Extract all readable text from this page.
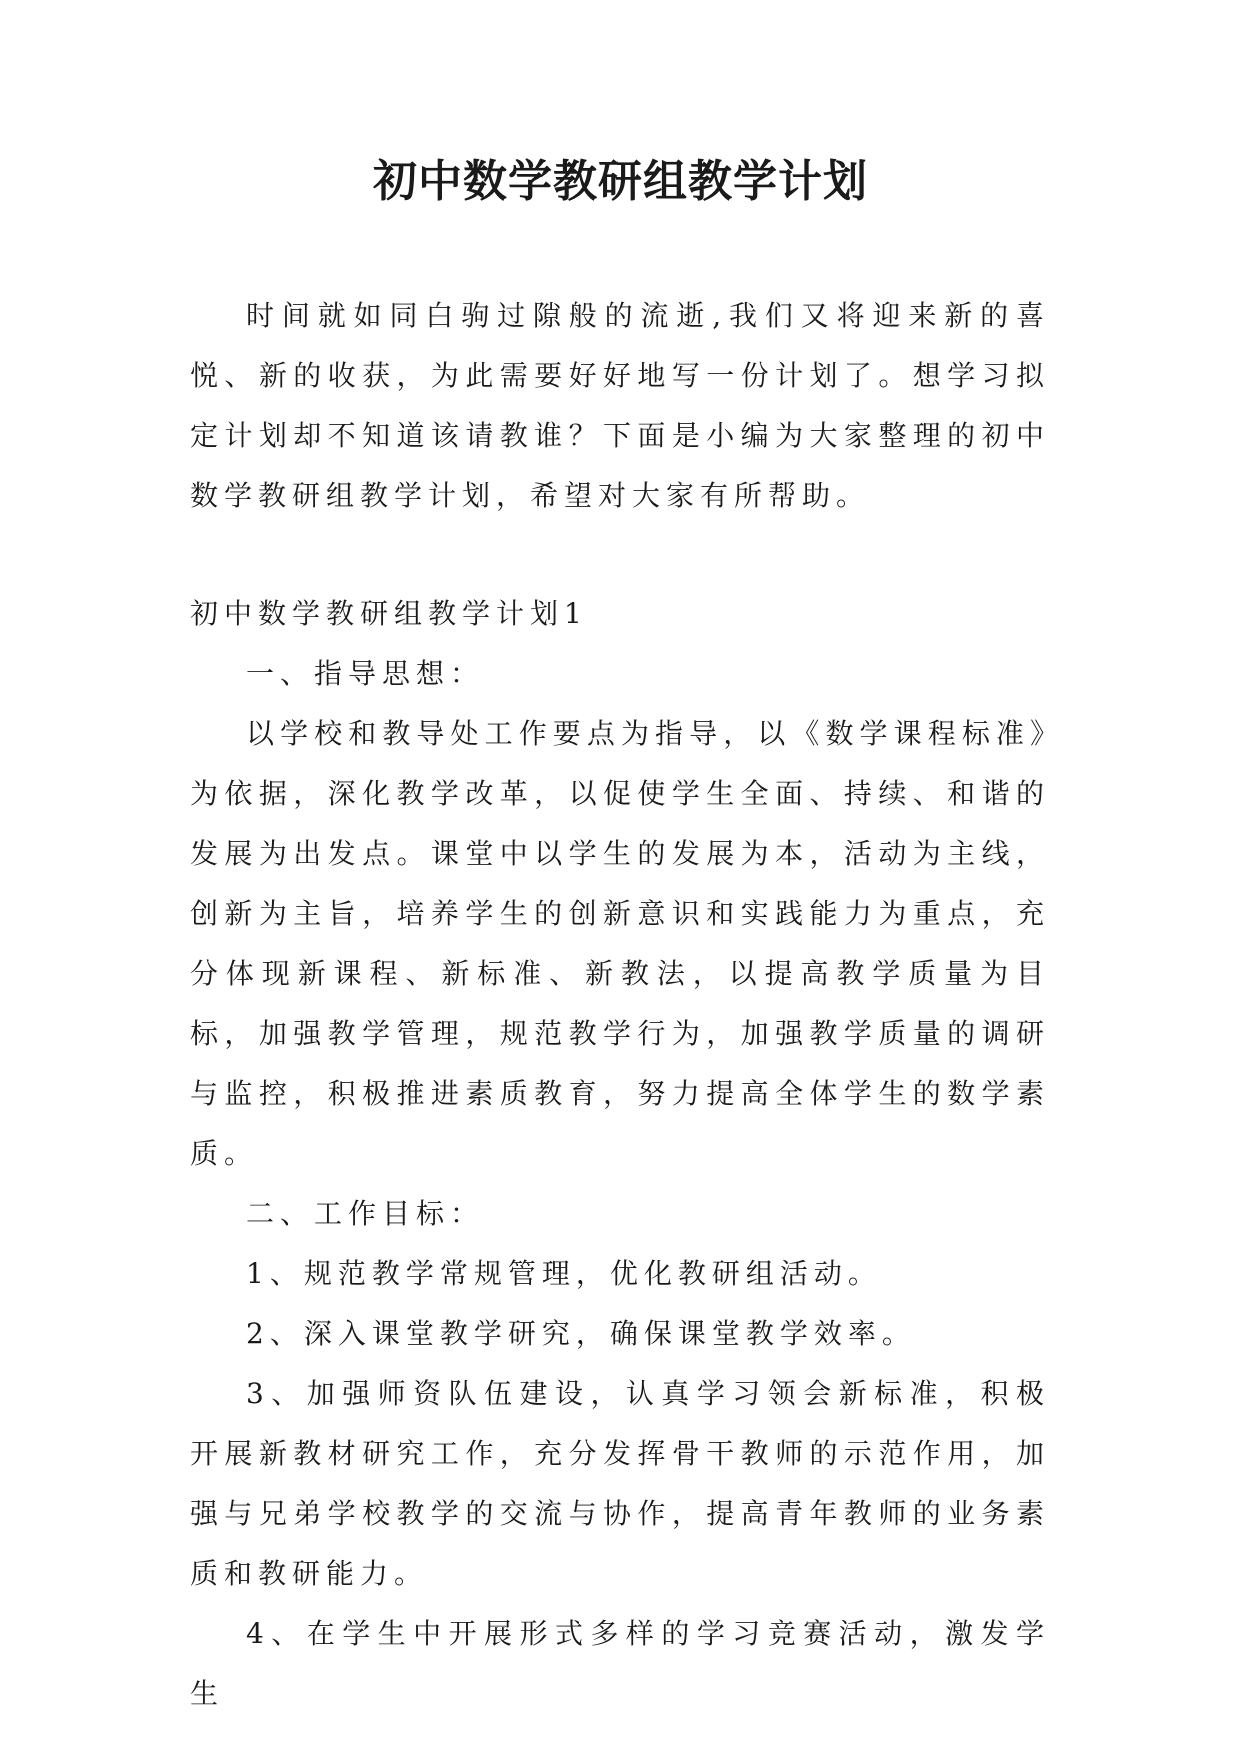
初中数学教研组教学计划

时间就如同白驹过隙般的流逝,我们又将迎来新的喜悦、新的收获，为此需要好好地写一份计划了。想学习拟定计划却不知道该请教谁？下面是小编为大家整理的初中数学教研组教学计划，希望对大家有所帮助。

初中数学教研组教学计划1

一、指导思想：

以学校和教导处工作要点为指导，以《数学课程标准》为依据，深化教学改革，以促使学生全面、持续、和谐的发展为出发点。课堂中以学生的发展为本，活动为主线，创新为主旨，培养学生的创新意识和实践能力为重点，充分体现新课程、新标准、新教法，以提高教学质量为目标，加强教学管理，规范教学行为，加强教学质量的调研与监控，积极推进素质教育，努力提高全体学生的数学素质。

二、工作目标：

1、规范教学常规管理，优化教研组活动。

2、深入课堂教学研究，确保课堂教学效率。

3、加强师资队伍建设，认真学习领会新标准，积极开展新教材研究工作，充分发挥骨干教师的示范作用，加强与兄弟学校教学的交流与协作，提高青年教师的业务素质和教研能力。

4、在学生中开展形式多样的学习竞赛活动，激发学生
